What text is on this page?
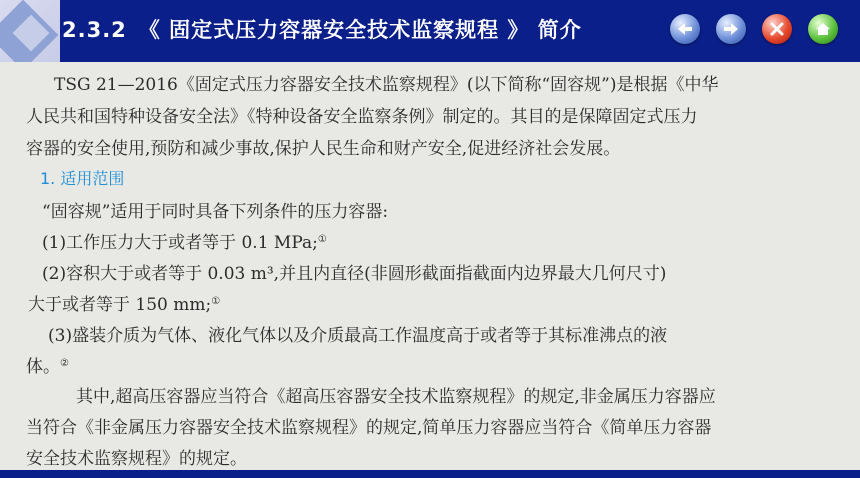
2.3.2 《 固定式压力容器安全技术监察规程 》 简介
TSG 21—2016《固定式压力容器安全技术监察规程》(以下简称“固容规”)是根据《中华
人民共和国特种设备安全法》《特种设备安全监察条例》制定的。其目的是保障固定式压力
容器的安全使用,预防和减少事故,保护人民生命和财产安全,促进经济社会发展。
1. 适用范围
“固容规”适用于同时具备下列条件的压力容器:
(1)工作压力大于或者等于 0.1 MPa;①
(2)容积大于或者等于 0.03 m³,并且内直径(非圆形截面指截面内边界最大几何尺寸)
大于或者等于 150 mm;①
(3)盛装介质为气体、液化气体以及介质最高工作温度高于或者等于其标准沸点的液
体。②
其中,超高压容器应当符合《超高压容器安全技术监察规程》的规定,非金属压力容器应
当符合《非金属压力容器安全技术监察规程》的规定,简单压力容器应当符合《简单压力容器
安全技术监察规程》的规定。
